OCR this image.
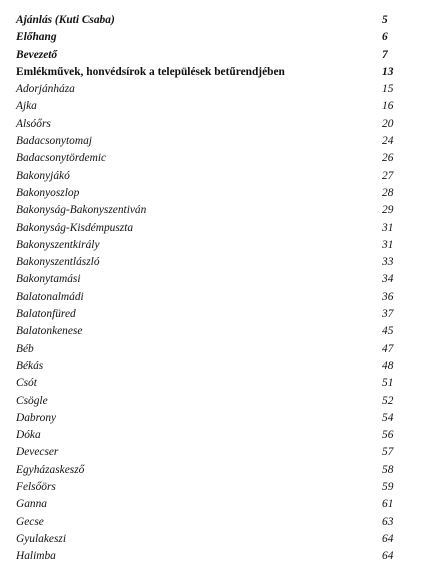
Ajánlás (Kuti Csaba)	5
Előhang	6
Bevezető	7
Emlékművek, honvédsírok a települések betűrendjében	13
Adorjánháza	15
Ajka	16
Alsóőrs	20
Badacsonytomaj	24
Badacsonytördemic	26
Bakonyjákó	27
Bakonyoszlop	28
Bakonyság-Bakonyszentiván	29
Bakonyság-Kisdémpuszta	31
Bakonyszentkirály	31
Bakonyszentlászló	33
Bakonytamási	34
Balatonalmádi	36
Balatonfüred	37
Balatonkenese	45
Béb	47
Békás	48
Csót	51
Csögle	52
Dabrony	54
Dóka	56
Devecser	57
Egyházaskesző	58
Felsőörs	59
Ganna	61
Gecse	63
Gyulakeszi	64
Halimba	64
